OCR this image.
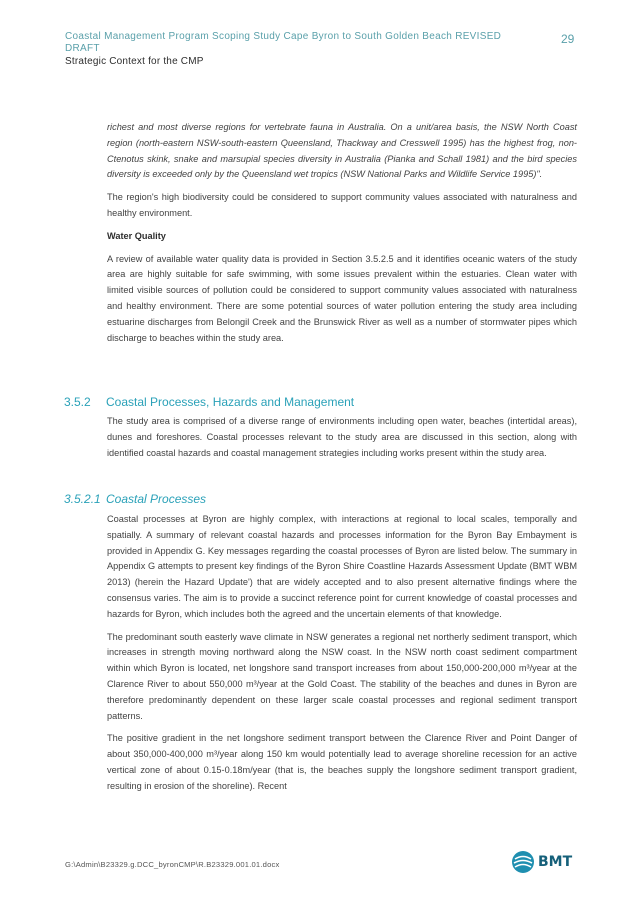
Coastal Management Program Scoping Study Cape Byron to South Golden Beach REVISED DRAFT
29
Strategic Context for the CMP

richest and most diverse regions for vertebrate fauna in Australia. On a unit/area basis, the NSW North Coast region (north-eastern NSW-south-eastern Queensland, Thackway and Cresswell 1995) has the highest frog, non-Ctenotus skink, snake and marsupial species diversity in Australia (Pianka and Schall 1981) and the bird species diversity is exceeded only by the Queensland wet tropics (NSW National Parks and Wildlife Service 1995)".

The region's high biodiversity could be considered to support community values associated with naturalness and healthy environment.

Water Quality

A review of available water quality data is provided in Section 3.5.2.5 and it identifies oceanic waters of the study area are highly suitable for safe swimming, with some issues prevalent within the estuaries. Clean water with limited visible sources of pollution could be considered to support community values associated with naturalness and healthy environment. There are some potential sources of water pollution entering the study area including estuarine discharges from Belongil Creek and the Brunswick River as well as a number of stormwater pipes which discharge to beaches within the study area.

3.5.2 Coastal Processes, Hazards and Management

The study area is comprised of a diverse range of environments including open water, beaches (intertidal areas), dunes and foreshores. Coastal processes relevant to the study area are discussed in this section, along with identified coastal hazards and coastal management strategies including works present within the study area.

3.5.2.1 Coastal Processes

Coastal processes at Byron are highly complex, with interactions at regional to local scales, temporally and spatially. A summary of relevant coastal hazards and processes information for the Byron Bay Embayment is provided in Appendix G. Key messages regarding the coastal processes of Byron are listed below. The summary in Appendix G attempts to present key findings of the Byron Shire Coastline Hazards Assessment Update (BMT WBM 2013) (herein the Hazard Update') that are widely accepted and to also present alternative findings where the consensus varies. The aim is to provide a succinct reference point for current knowledge of coastal processes and hazards for Byron, which includes both the agreed and the uncertain elements of that knowledge.

The predominant south easterly wave climate in NSW generates a regional net northerly sediment transport, which increases in strength moving northward along the NSW coast. In the NSW north coast sediment compartment within which Byron is located, net longshore sand transport increases from about 150,000-200,000 m³/year at the Clarence River to about 550,000 m³/year at the Gold Coast. The stability of the beaches and dunes in Byron are therefore predominantly dependent on these larger scale coastal processes and regional sediment transport patterns.

The positive gradient in the net longshore sediment transport between the Clarence River and Point Danger of about 350,000-400,000 m³/year along 150 km would potentially lead to average shoreline recession for an active vertical zone of about 0.15-0.18m/year (that is, the beaches supply the longshore sediment transport gradient, resulting in erosion of the shoreline). Recent

G:\Admin\B23329.g.DCC_byronCMP\R.B23329.001.01.docx	BMT
